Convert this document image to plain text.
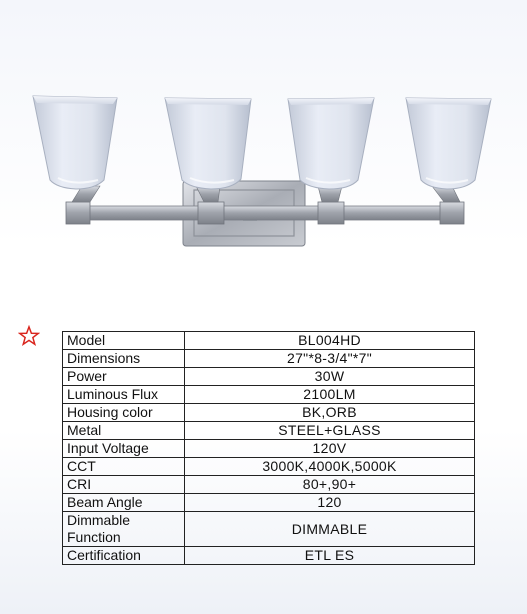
Model	BL004HD
Dimensions	27"*8-3/4"*7"
Power	30W
Luminous Flux	2100LM
Housing color	BK,ORB
Metal	STEEL+GLASS
Input Voltage	120V
CCT	3000K,4000K,5000K
CRI	80+,90+
Beam Angle	120
Dimmable
Function	DIMMABLE
Certification	ETL ES
